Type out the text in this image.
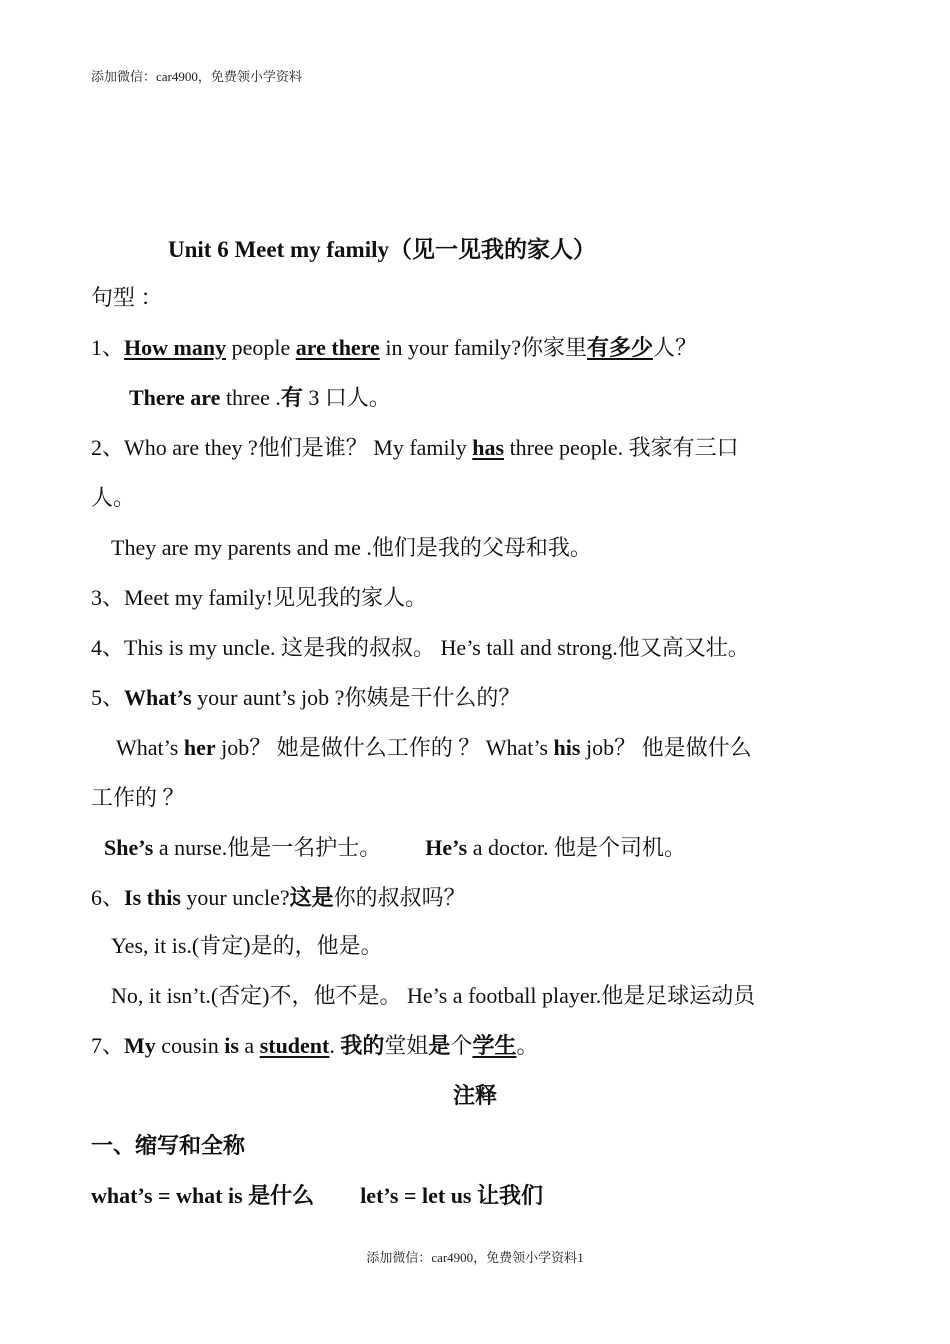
添加微信：car4900，免费领小学资料
Unit 6 Meet my family（见一见我的家人）
句型 ：
1、How many people are there in your family?你家里有多少人？
There are three .有 3 口人。
2、Who are they ?他们是谁？ My family has three people. 我家有三口
人。
They are my parents and me .他们是我的父母和我。
3、Meet my family!见见我的家人。
4、This is my uncle. 这是我的叔叔。 He’s tall and strong.他又高又壮。
5、What’s your aunt’s job ?你姨是干什么的？
What’s her job？ 她是做什么工作的 ？ What’s his job？ 他是做什么
工作的 ？
She’s a nurse.他是一名护士。 He’s a doctor. 他是个司机。
6、Is this your uncle?这是你的叔叔吗？
Yes, it is.(肯定)是的，他是。
No, it isn’t.(否定)不，他不是。 He’s a football player.他是足球运动员
7、My cousin is a student. 我的堂姐是个学生。
注释
一、缩写和全称
what’s = what is 是什么 let’s = let us 让我们
添加微信：car4900，免费领小学资料1
